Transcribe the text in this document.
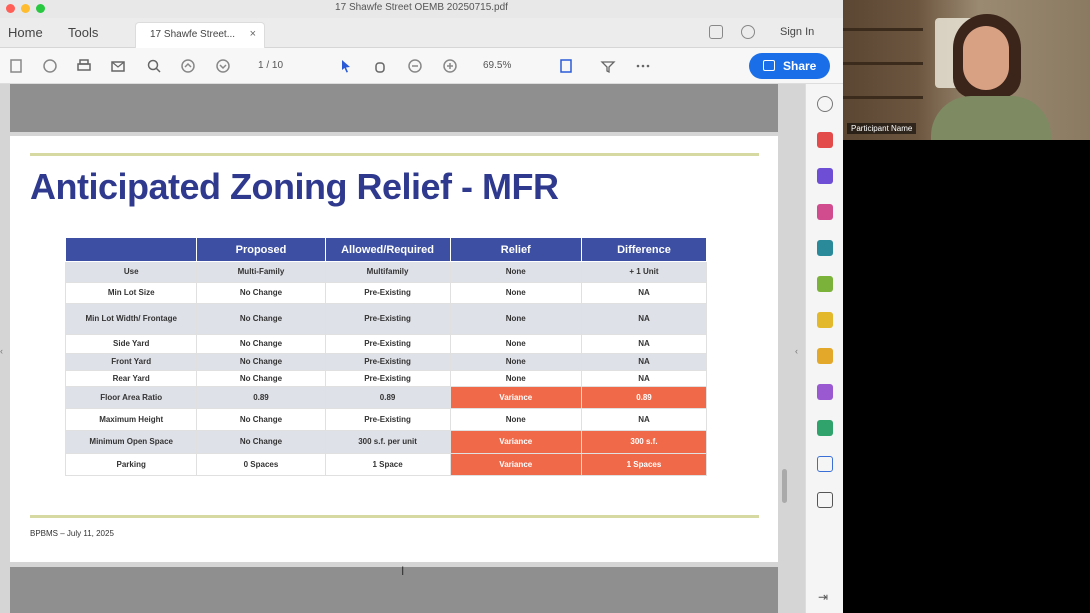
17 Shawfe Street OEMB 20250715.pdf
Home Tools	17 Shawfe Street... ×	Sign In
1 / 10	69.5%	Share
Anticipated Zoning Relief - MFR
	Proposed	Allowed/Required	Relief	Difference
Use	Multi-Family	Multifamily	None	+ 1 Unit
Min Lot Size	No Change	Pre-Existing	None	NA
Min Lot Width/ Frontage	No Change	Pre-Existing	None	NA
Side Yard	No Change	Pre-Existing	None	NA
Front Yard	No Change	Pre-Existing	None	NA
Rear Yard	No Change	Pre-Existing	None	NA
Floor Area Ratio	0.89	0.89	Variance	0.89
Maximum Height	No Change	Pre-Existing	None	NA
Minimum Open Space	No Change	300 s.f. per unit	Variance	300 s.f.
Parking	0 Spaces	1 Space	Variance	1 Spaces
BPBMS – July 11, 2025
‹	‹
I
⇥
Participant Name
